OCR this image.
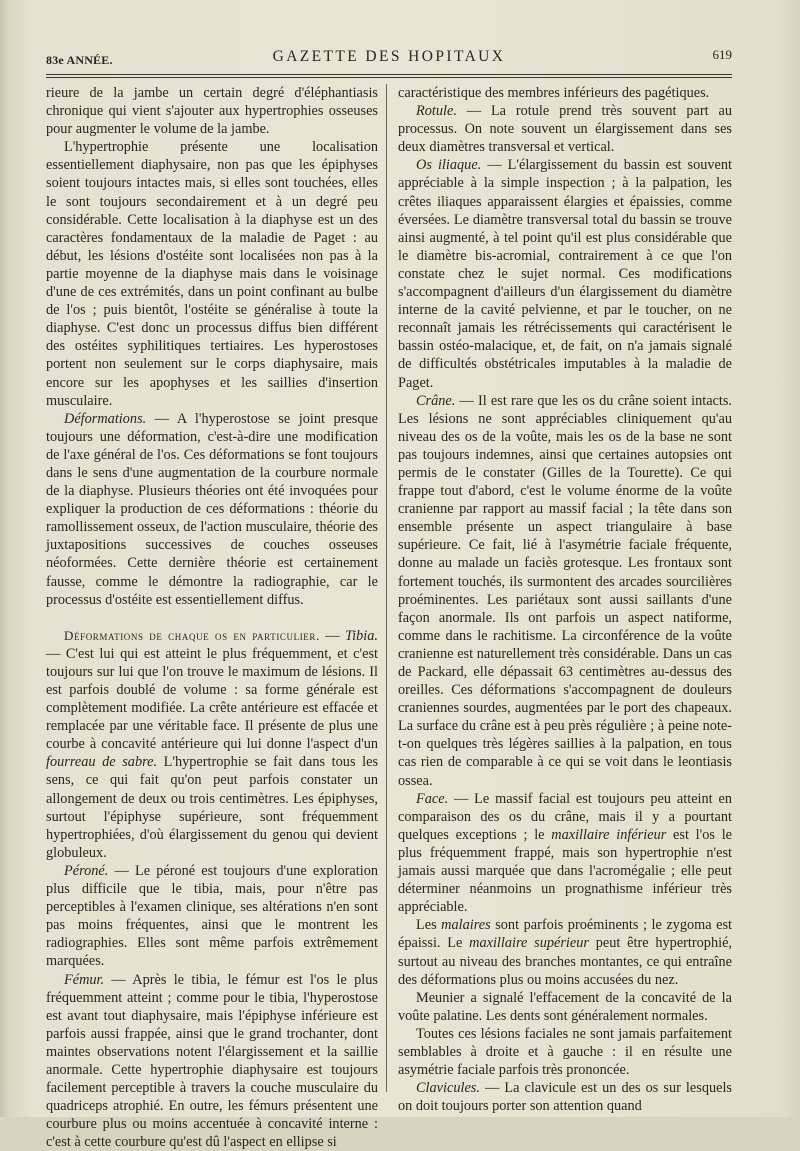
83e ANNÉE.	GAZETTE DES HOPITAUX	619

rieure de la jambe un certain degré d'éléphantiasis chronique qui vient s'ajouter aux hypertrophies osseuses pour augmenter le volume de la jambe.

L'hypertrophie présente une localisation essentiellement diaphysaire, non pas que les épiphyses soient toujours intactes mais, si elles sont touchées, elles le sont toujours secondairement et à un degré peu considérable. Cette localisation à la diaphyse est un des caractères fondamentaux de la maladie de Paget : au début, les lésions d'ostéite sont localisées non pas à la partie moyenne de la diaphyse mais dans le voisinage d'une de ces extrémités, dans un point confinant au bulbe de l'os ; puis bientôt, l'ostéite se généralise à toute la diaphyse. C'est donc un processus diffus bien différent des ostéites syphilitiques tertiaires. Les hyperostoses portent non seulement sur le corps diaphysaire, mais encore sur les apophyses et les saillies d'insertion musculaire.

Déformations. — A l'hyperostose se joint presque toujours une déformation, c'est-à-dire une modification de l'axe général de l'os. Ces déformations se font toujours dans le sens d'une augmentation de la courbure normale de la diaphyse. Plusieurs théories ont été invoquées pour expliquer la production de ces déformations : théorie du ramollissement osseux, de l'action musculaire, théorie des juxtapositions successives de couches osseuses néoformées. Cette dernière théorie est certainement fausse, comme le démontre la radiographie, car le processus d'ostéite est essentiellement diffus.

Déformations de chaque os en particulier. — Tibia. — C'est lui qui est atteint le plus fréquemment, et c'est toujours sur lui que l'on trouve le maximum de lésions. Il est parfois doublé de volume : sa forme générale est complètement modifiée. La crête antérieure est effacée et remplacée par une véritable face. Il présente de plus une courbe à concavité antérieure qui lui donne l'aspect d'un fourreau de sabre. L'hypertrophie se fait dans tous les sens, ce qui fait qu'on peut parfois constater un allongement de deux ou trois centimètres. Les épiphyses, surtout l'épiphyse supérieure, sont fréquemment hypertrophiées, d'où élargissement du genou qui devient globuleux.

Péroné. — Le péroné est toujours d'une exploration plus difficile que le tibia, mais, pour n'être pas perceptibles à l'examen clinique, ses altérations n'en sont pas moins fréquentes, ainsi que le montrent les radiographies. Elles sont même parfois extrêmement marquées.

Fémur. — Après le tibia, le fémur est l'os le plus fréquemment atteint ; comme pour le tibia, l'hyperostose est avant tout diaphysaire, mais l'épiphyse inférieure est parfois aussi frappée, ainsi que le grand trochanter, dont maintes observations notent l'élargissement et la saillie anormale. Cette hypertrophie diaphysaire est toujours facilement perceptible à travers la couche musculaire du quadriceps atrophié. En outre, les fémurs présentent une courbure plus ou moins accentuée à concavité interne : c'est à cette courbure qu'est dû l'aspect en ellipse si

caractéristique des membres inférieurs des pagétiques.

Rotule. — La rotule prend très souvent part au processus. On note souvent un élargissement dans ses deux diamètres transversal et vertical.

Os iliaque. — L'élargissement du bassin est souvent appréciable à la simple inspection ; à la palpation, les crêtes iliaques apparaissent élargies et épaissies, comme éversées. Le diamètre transversal total du bassin se trouve ainsi augmenté, à tel point qu'il est plus considérable que le diamètre bis-acromial, contrairement à ce que l'on constate chez le sujet normal. Ces modifications s'accompagnent d'ailleurs d'un élargissement du diamètre interne de la cavité pelvienne, et par le toucher, on ne reconnaît jamais les rétrécissements qui caractérisent le bassin ostéo-malacique, et, de fait, on n'a jamais signalé de difficultés obstétricales imputables à la maladie de Paget.

Crâne. — Il est rare que les os du crâne soient intacts. Les lésions ne sont appréciables cliniquement qu'au niveau des os de la voûte, mais les os de la base ne sont pas toujours indemnes, ainsi que certaines autopsies ont permis de le constater (Gilles de la Tourette). Ce qui frappe tout d'abord, c'est le volume énorme de la voûte cranienne par rapport au massif facial ; la tête dans son ensemble présente un aspect triangulaire à base supérieure. Ce fait, lié à l'asymétrie faciale fréquente, donne au malade un faciès grotesque. Les frontaux sont fortement touchés, ils surmontent des arcades sourcilières proéminentes. Les pariétaux sont aussi saillants d'une façon anormale. Ils ont parfois un aspect natiforme, comme dans le rachitisme. La circonférence de la voûte cranienne est naturellement très considérable. Dans un cas de Packard, elle dépassait 63 centimètres au-dessus des oreilles. Ces déformations s'accompagnent de douleurs craniennes sourdes, augmentées par le port des chapeaux. La surface du crâne est à peu près régulière ; à peine note-t-on quelques très légères saillies à la palpation, en tous cas rien de comparable à ce qui se voit dans le leontiasis ossea.

Face. — Le massif facial est toujours peu atteint en comparaison des os du crâne, mais il y a pourtant quelques exceptions ; le maxillaire inférieur est l'os le plus fréquemment frappé, mais son hypertrophie n'est jamais aussi marquée que dans l'acromégalie ; elle peut déterminer néanmoins un prognathisme inférieur très appréciable.

Les malaires sont parfois proéminents ; le zygoma est épaissi. Le maxillaire supérieur peut être hypertrophié, surtout au niveau des branches montantes, ce qui entraîne des déformations plus ou moins accusées du nez.

Meunier a signalé l'effacement de la concavité de la voûte palatine. Les dents sont généralement normales.

Toutes ces lésions faciales ne sont jamais parfaitement semblables à droite et à gauche : il en résulte une asymétrie faciale parfois très prononcée.

Clavicules. — La clavicule est un des os sur lesquels on doit toujours porter son attention quand
